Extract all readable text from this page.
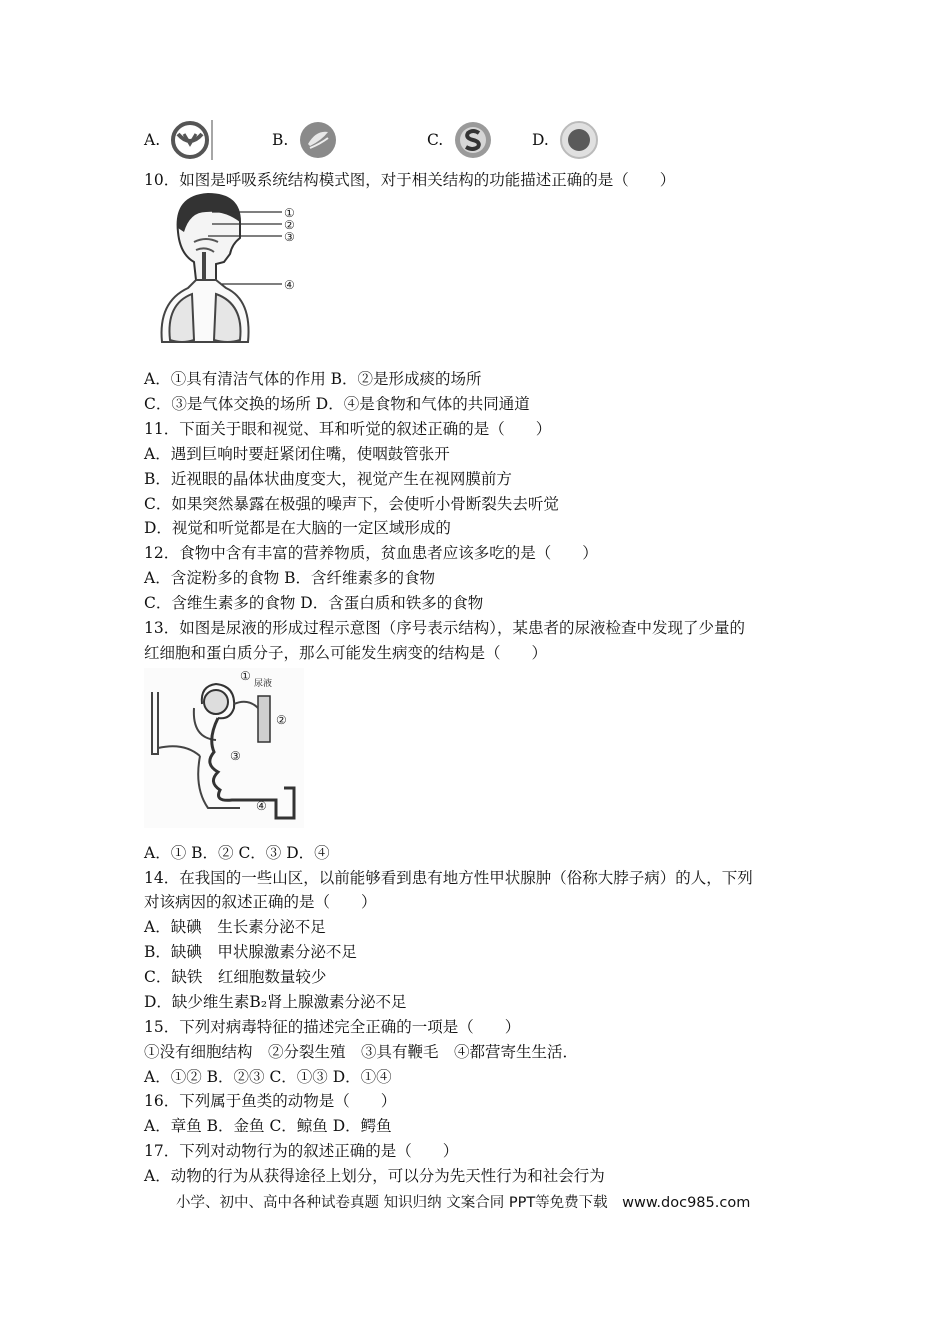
A.	B.	C.	D.
10．如图是呼吸系统结构模式图，对于相关结构的功能描述正确的是（　　）
①
②
③
④
A．①具有清洁气体的作用 B．②是形成痰的场所
C．③是气体交换的场所 D．④是食物和气体的共同通道
11．下面关于眼和视觉、耳和听觉的叙述正确的是（　　）
A．遇到巨响时要赶紧闭住嘴，使咽鼓管张开
B．近视眼的晶体状曲度变大，视觉产生在视网膜前方
C．如果突然暴露在极强的噪声下，会使听小骨断裂失去听觉
D．视觉和听觉都是在大脑的一定区域形成的
12．食物中含有丰富的营养物质，贫血患者应该多吃的是（　　）
A．含淀粉多的食物 B．含纤维素多的食物
C．含维生素多的食物 D．含蛋白质和铁多的食物
13．如图是尿液的形成过程示意图（序号表示结构），某患者的尿液检查中发现了少量的
红细胞和蛋白质分子，那么可能发生病变的结构是（　　）
尿液
①
②
③
④
A．① B．② C．③ D．④
14．在我国的一些山区，以前能够看到患有地方性甲状腺肿（俗称大脖子病）的人，下列
对该病因的叙述正确的是（　　）
A．缺碘　生长素分泌不足
B．缺碘　甲状腺激素分泌不足
C．缺铁　红细胞数量较少
D．缺少维生素B₂肾上腺激素分泌不足
15．下列对病毒特征的描述完全正确的一项是（　　）
①没有细胞结构　②分裂生殖　③具有鞭毛　④都营寄生生活．
A．①② B．②③ C．①③ D．①④
16．下列属于鱼类的动物是（　　）
A．章鱼 B．金鱼 C．鲸鱼 D．鳄鱼
17．下列对动物行为的叙述正确的是（　　）
A．动物的行为从获得途径上划分，可以分为先天性行为和社会行为
小学、初中、高中各种试卷真题 知识归纳 文案合同 PPT等免费下载　www.doc985.com
